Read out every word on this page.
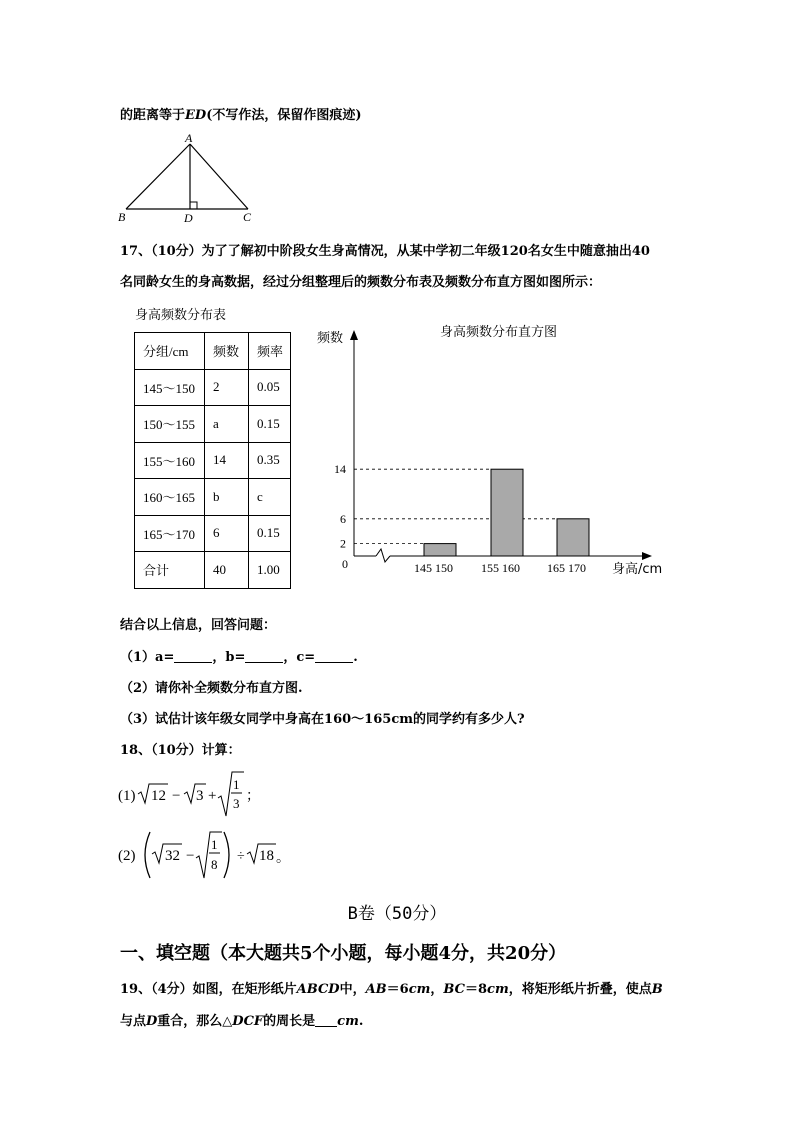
的距离等于ED(不写作法，保留作图痕迹)
A
B	D	C
17、（10分）为了了解初中阶段女生身高情况，从某中学初二年级120名女生中随意抽出40
名同龄女生的身高数据，经过分组整理后的频数分布表及频数分布直方图如图所示：
身高频数分布表
分组/cm	频数	频率
145～150	2	0.05
150～155	a	0.15
155～160	14	0.35
160～165	b	c
165～170	6	0.15
合计	40	1.00
身高频数分布直方图
频数
身高/cm
0
2
6
14
145 150 155 160 165 170
结合以上信息，回答问题：
（1）a=	，b=	，c=	.
（2）请你补全频数分布直方图.
（3）试估计该年级女同学中身高在160～165cm的同学约有多少人?
18、（10分）计算：
(1) 12 − 3 +
1
3 ；
(2) 32 −
1
8
÷ 18 。
B卷（50分）
一、填空题（本大题共5个小题，每小题4分，共20分）
19、（4分）如图，在矩形纸片ABCD中，AB＝6cm，BC＝8cm，将矩形纸片折叠，使点B
与点D重合，那么△DCF的周长是 cm.
